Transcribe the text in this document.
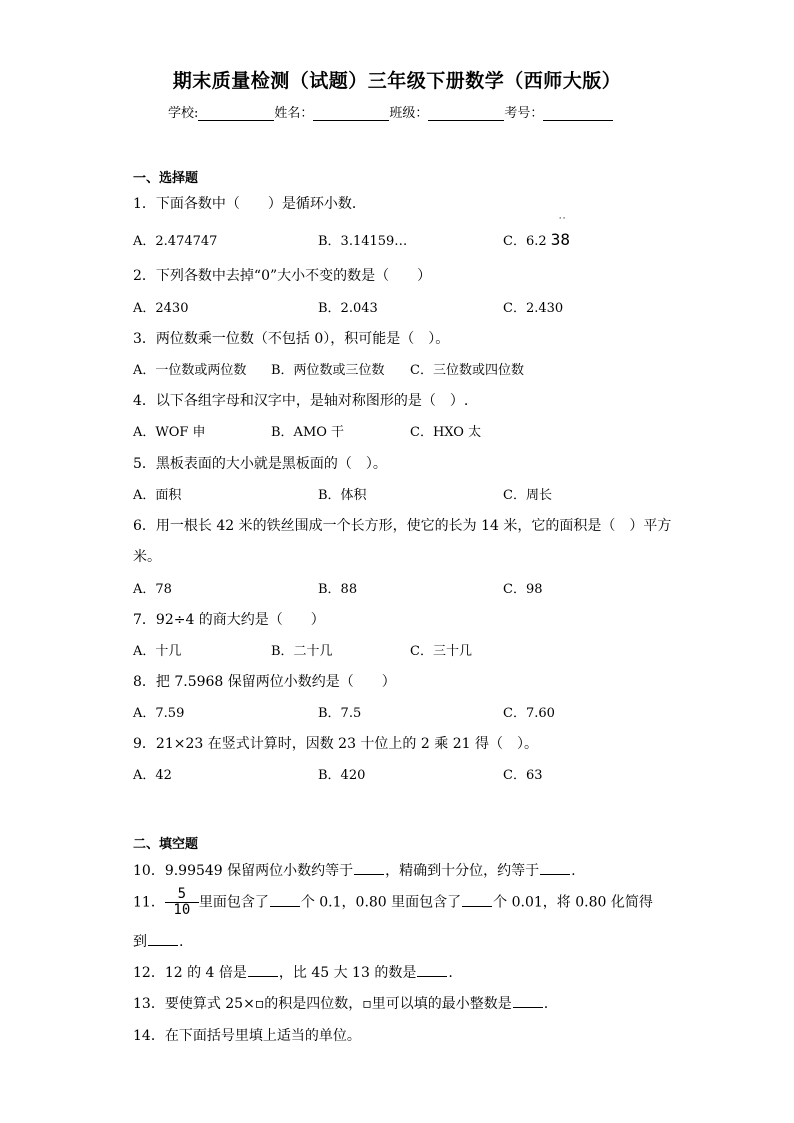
期末质量检测（试题）三年级下册数学（西师大版）
学校:	姓名：	班级：	考号：
一、选择题
1．下面各数中（　　）是循环小数．
A．2.474747	B．3.14159…	C．6.2
··
38
2．下列各数中去掉“0”大小不变的数是（　　）
A．2430	B．2.043	C．2.430
3．两位数乘一位数（不包括 0），积可能是（　）。
A．一位数或两位数 B．两位数或三位数 C．三位数或四位数
4．以下各组字母和汉字中，是轴对称图形的是（　）.
A．WOF 申	B．AMO 干	C．HXO 太
5．黑板表面的大小就是黑板面的（　）。
A．面积	B．体积	C．周长
6．用一根长 42 米的铁丝围成一个长方形，使它的长为 14 米，它的面积是（　）平方
米。
A．78	B．88	C．98
7．92÷4 的商大约是（　　）
A．十几	B．二十几	C．三十几
8．把 7.5968 保留两位小数约是（　　）
A．7.59	B．7.5	C．7.60
9．21×23 在竖式计算时，因数 23 十位上的 2 乘 21 得（　）。
A．42	B．420	C．63
二、填空题
10．9.99549 保留两位小数约等于 ，精确到十分位，约等于 .
11． $\frac{5}{10}$ 里面包含了 个 0.1，0.80 里面包含了 个 0.01，将 0.80 化简得
到 .
12．12 的 4 倍是 ，比 45 大 13 的数是 .
13．要使算式 25×▫的积是四位数，▫里可以填的最小整数是 .
14．在下面括号里填上适当的单位。
